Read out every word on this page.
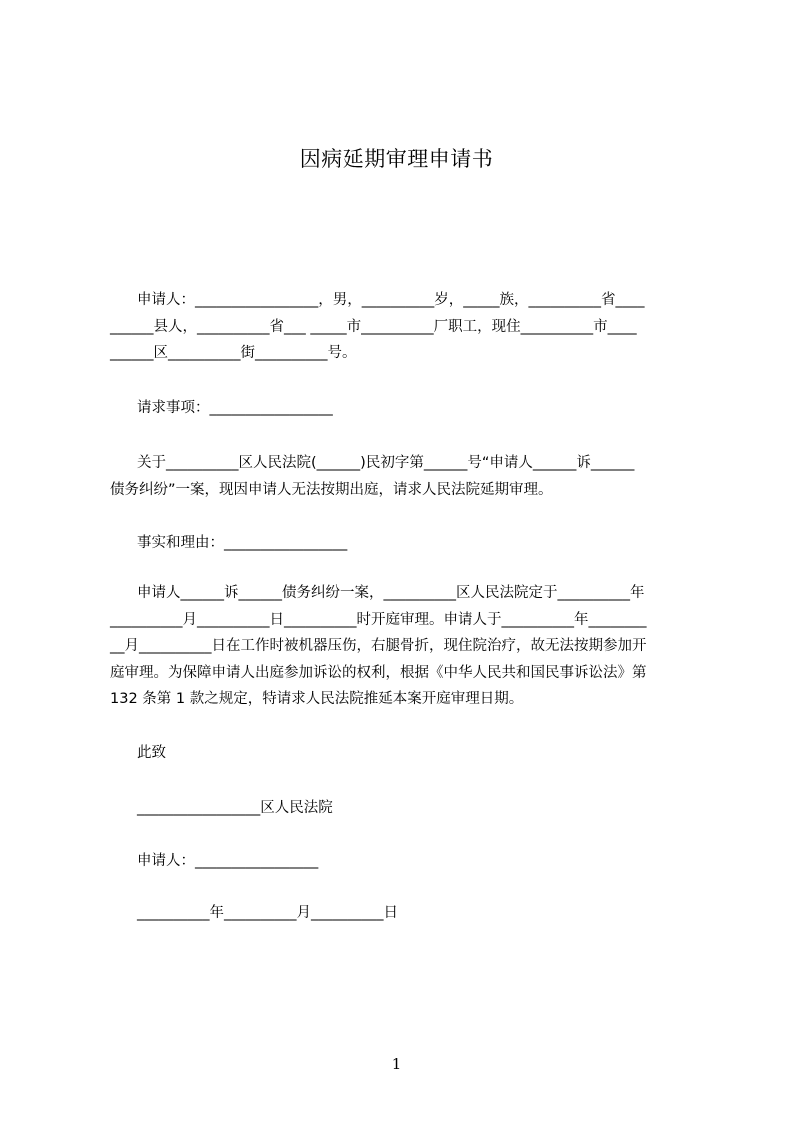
因病延期审理申请书
申请人：_________________，男，__________岁，_____族，__________省____
______县人，__________省___ _____市__________厂职工，现住__________市____
______区__________街__________号。
请求事项：_________________
关于__________区人民法院(______)民初字第______号“申请人______诉______
债务纠纷”一案，现因申请人无法按期出庭，请求人民法院延期审理。
事实和理由：_________________
申请人______诉______债务纠纷一案，__________区人民法院定于__________年
__________月__________日__________时开庭审理。申请人于__________年________
__月__________日在工作时被机器压伤，右腿骨折，现住院治疗，故无法按期参加开
庭审理。为保障申请人出庭参加诉讼的权利，根据《中华人民共和国民事诉讼法》第
132 条第 1 款之规定，特请求人民法院推延本案开庭审理日期。
此致
_________________区人民法院
申请人：_________________
__________年__________月__________日
1
